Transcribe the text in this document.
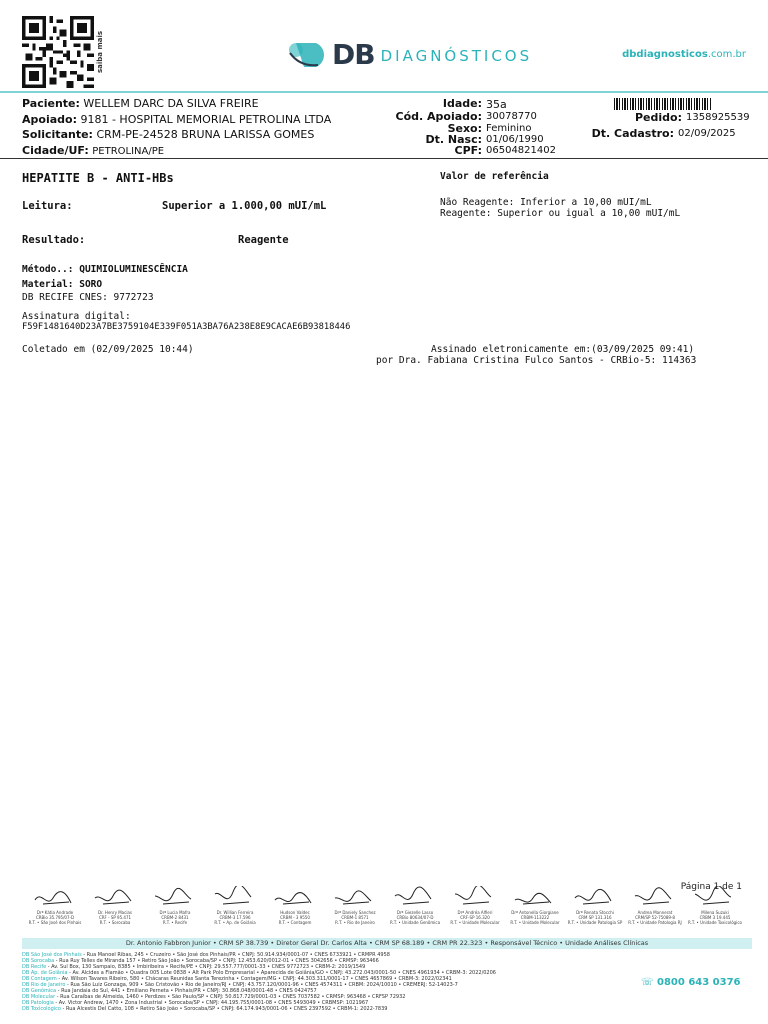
saiba mais	DB DIAGNÓSTICOS	dbdiagnosticos.com.br
Paciente: WELLEM DARC DA SILVA FREIRE
Apoiado: 9181 - HOSPITAL MEMORIAL PETROLINA LTDA
Solicitante: CRM-PE-24528 BRUNA LARISSA GOMES
Cidade/UF: PETROLINA/PE
Idade: 35a
Cód. Apoiado: 30078770
Sexo: Feminino
Dt. Nasc: 01/06/1990
CPF: 06504821402
Pedido: 1358925539
Dt. Cadastro: 02/09/2025
HEPATITE B - ANTI-HBs	Valor de referência
Leitura:	Superior a 1.000,00 mUI/mL	Não Reagente: Inferior a 10,00 mUI/mL
Reagente: Superior ou igual a 10,00 mUI/mL
Resultado:	Reagente
Método..: QUIMIOLUMINESCÊNCIA
Material: SORO
DB RECIFE CNES: 9772723
Assinatura digital:
F59F1481640D23A7BE3759104E339F051A3BA76A238E8E9CACAE6B93818446
Coletado em (02/09/2025 10:44)	Assinado eletronicamente em:(03/09/2025 09:41)
por Dra. Fabiana Cristina Fulco Santos - CRBio-5: 114363
Página 1 de 1
Drª Kátia Andrade
CRBio 35.795/07-D
R.T. • São José dos Pinhais
Dr. Henry Macias
CRF - SP 95.471
R.T. • Sorocaba
Drª Lucia Mafra
CRBM-2 8431
R.T. • Recife
Dr. Willian Ferreira
CRBM-3 17.596
R.T. • Ap. de Goiânia
Hudson Valdec
CRBM - 3 9550
R.T. • Contagem
Drª Daniely Sanchez
CRBM-1 8571
R.T. • Rio de Janeiro
Drª Giezelle Lasso
CRBio 80634/07-D
R.T. • Unidade Genômica
Drª Andréa Alfieri
CRF-SP 16.320
R.T. • Unidade Molecular
Drª Antonella Giorgiane
CRBM-113222
R.T. • Unidade Molecular
Drª Renata Stocchi
CRM SP 131.316
R.T. • Unidade Patologia SP
Andrea Mannerat
CRM/SP 52-75089-8
R.T. • Unidade Patologia RJ
Milena Suzuki
CRBM 3 19.445
R.T. • Unidade Toxicológico
Dr. Antonio Fabbron Junior • CRM SP 38.739 • Diretor Geral Dr. Carlos Alta • CRM SP 68.189 • CRM PR 22.323 • Responsável Técnico • Unidade Análises Clínicas
DB São José dos Pinhais - Rua Manoel Ribas, 245 • Cruzeiro • São José dos Pinhais/PR • CNPJ: 50.914.934/0001-07 • CNES 6733921 • CRMPR 4958
DB Sorocaba - Rua Ruy Telles de Miranda 157 • Retiro São João • Sorocaba/SP • CNPJ: 12.453.620/0012-01 • CNES 3042656 • CRMSP: 963466
DB Recife - Av. Sul Box, 130 Sampaio, 8385 • Imbiribeira • Recife/PE • CNPJ: 29.557.777/0001-33 • CNES 9772723 • CRBM-2: 2019/1549
DB Ap. de Goiânia - Av. Alcides a Flamão • Quadra 005 Lote 0838 • Alt Park Polo Empresarial • Aparecida de Goiânia/GO • CNPJ: 43.272.043/0001-50 • CNES 4961934 • CRBM-3: 2022/0206
DB Contagem - Av. Wilson Tavares Ribeiro, 580 • Chácaras Reunidas Santa Terezinha • Contagem/MG • CNPJ: 44.303.311/0001-17 • CNES 4657869 • CRBM-3: 2022/02341
DB Rio de Janeiro - Rua São Luiz Gonzaga, 909 • São Cristovão • Rio de Janeiro/RJ • CNPJ: 43.757.120/0001-96 • CNES 4574311 • CRBM: 2024/10010 • CREMERJ: 52-14023-7
DB Genômica - Rua Jandaia do Sul, 441 • Emiliano Perneta • Pinhais/PR • CNPJ: 30.868.048/0001-48 • CNES 0424757
DB Molecular - Rua Caraíbas de Almeida, 1460 • Perdizes • São Paulo/SP • CNPJ: 50.817.729/0001-03 • CNES 7037582 • CRMSP: 963468 • CRFSP 72932
DB Patologia - Av. Victor Andrew, 1470 • Zona Industrial • Sorocaba/SP • CNPJ: 44.195.755/0001-08 • CNES 5493049 • CRBMSP: 1021967
DB Toxicológico - Rua Alcestis Del Catto, 108 • Retiro São João • Sorocaba/SP • CNPJ: 64.174.943/0001-06 • CNES 2397592 • CRBM-1: 2022-7839
☏ 0800 643 0376
